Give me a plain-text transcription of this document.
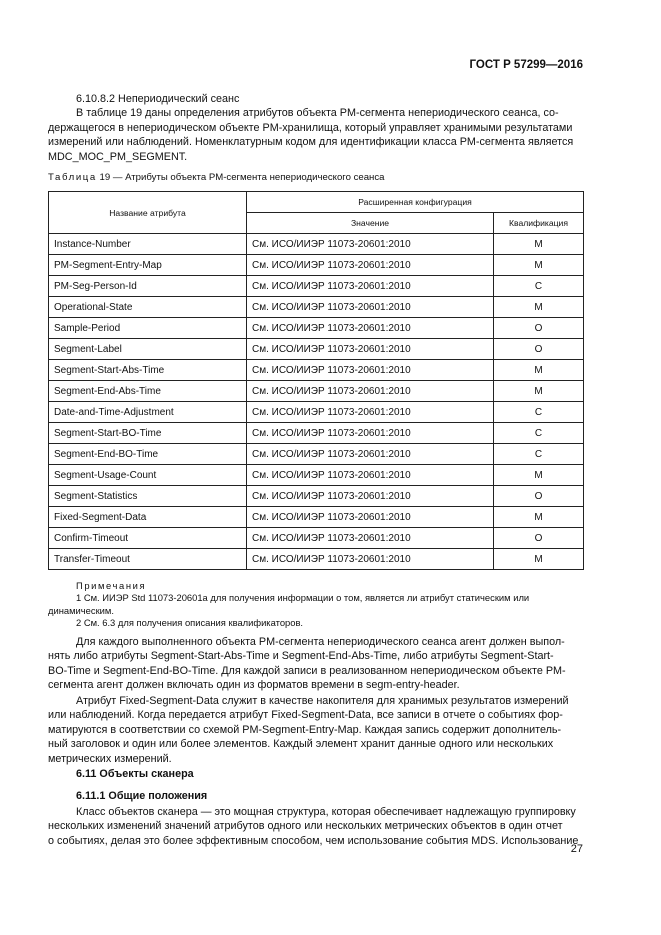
ГОСТ Р 57299—2016
6.10.8.2 Непериодический сеанс
В таблице 19 даны определения атрибутов объекта PM-сегмента непериодического сеанса, со-
держащегося в непериодическом объекте PM-хранилища, который управляет хранимыми результатами
измерений или наблюдений. Номенклатурным кодом для идентификации класса PM-сегмента является
MDC_MOC_PM_SEGMENT.
Таблица 19 — Атрибуты объекта PM-сегмента непериодического сеанса
Название атрибута	Расширенная конфигурация	
	Значение	Квалификация
Instance-Number	См. ИСО/ИИЭР 11073-20601:2010	M
PM-Segment-Entry-Map	См. ИСО/ИИЭР 11073-20601:2010	M
PM-Seg-Person-Id	См. ИСО/ИИЭР 11073-20601:2010	C
Operational-State	См. ИСО/ИИЭР 11073-20601:2010	M
Sample-Period	См. ИСО/ИИЭР 11073-20601:2010	O
Segment-Label	См. ИСО/ИИЭР 11073-20601:2010	O
Segment-Start-Abs-Time	См. ИСО/ИИЭР 11073-20601:2010	M
Segment-End-Abs-Time	См. ИСО/ИИЭР 11073-20601:2010	M
Date-and-Time-Adjustment	См. ИСО/ИИЭР 11073-20601:2010	C
Segment-Start-BO-Time	См. ИСО/ИИЭР 11073-20601:2010	C
Segment-End-BO-Time	См. ИСО/ИИЭР 11073-20601:2010	C
Segment-Usage-Count	См. ИСО/ИИЭР 11073-20601:2010	M
Segment-Statistics	См. ИСО/ИИЭР 11073-20601:2010	O
Fixed-Segment-Data	См. ИСО/ИИЭР 11073-20601:2010	M
Confirm-Timeout	См. ИСО/ИИЭР 11073-20601:2010	O
Transfer-Timeout	См. ИСО/ИИЭР 11073-20601:2010	M
Примечания
1 См. ИИЭР Std 11073-20601a для получения информации о том, является ли атрибут статическим или
динамическим.
2 См. 6.3 для получения описания квалификаторов.
Для каждого выполненного объекта PM-сегмента непериодического сеанса агент должен выпол-
нять либо атрибуты Segment-Start-Abs-Time и Segment-End-Abs-Time, либо атрибуты Segment-Start-
BO-Time и Segment-End-BO-Time. Для каждой записи в реализованном непериодическом объекте PM-
сегмента агент должен включать один из форматов времени в segm-entry-header.
Атрибут Fixed-Segment-Data служит в качестве накопителя для хранимых результатов измерений
или наблюдений. Когда передается атрибут Fixed-Segment-Data, все записи в отчете о событиях фор-
матируются в соответствии со схемой PM-Segment-Entry-Map. Каждая запись содержит дополнитель-
ный заголовок и один или более элементов. Каждый элемент хранит данные одного или нескольких
метрических измерений.
6.11 Объекты сканера
6.11.1 Общие положения
Класс объектов сканера — это мощная структура, которая обеспечивает надлежащую группировку
нескольких изменений значений атрибутов одного или нескольких метрических объектов в один отчет
о событиях, делая это более эффективным способом, чем использование события MDS. Использование
27
